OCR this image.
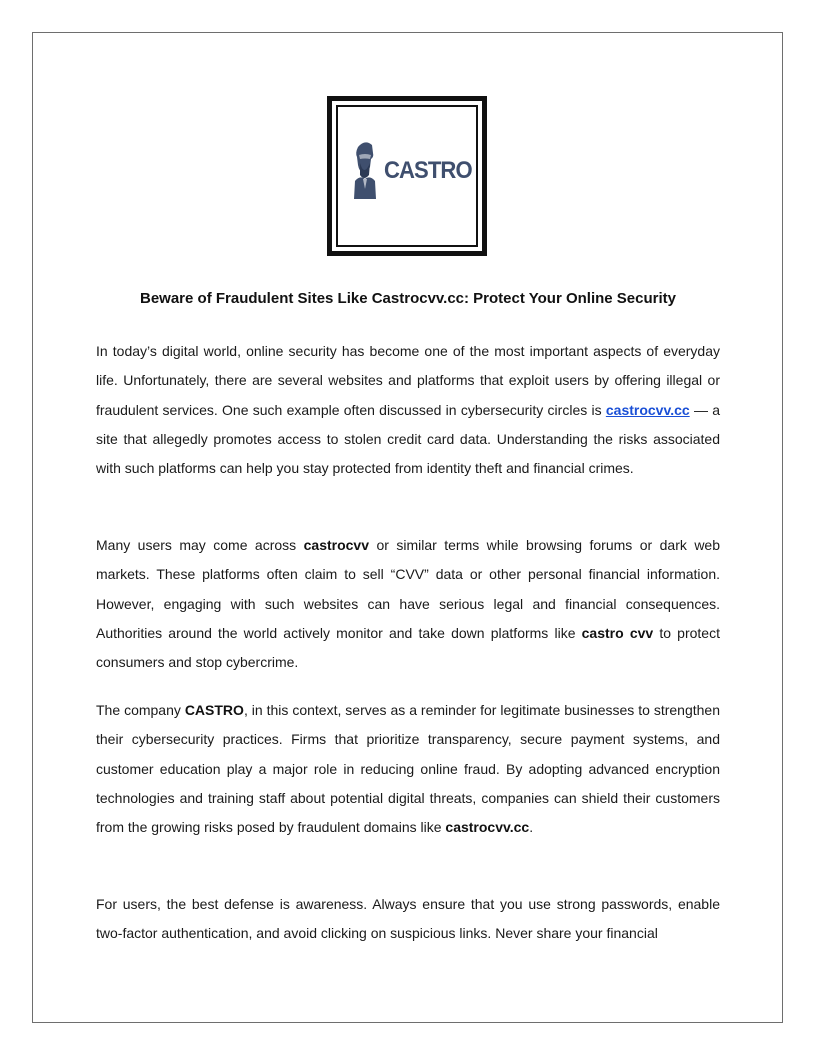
CASTRO
Beware of Fraudulent Sites Like Castrocvv.cc: Protect Your Online Security

In today’s digital world, online security has become one of the most important aspects of everyday life. Unfortunately, there are several websites and platforms that exploit users by offering illegal or fraudulent services. One such example often discussed in cybersecurity circles is castrocvv.cc — a site that allegedly promotes access to stolen credit card data. Understanding the risks associated with such platforms can help you stay protected from identity theft and financial crimes.

Many users may come across castrocvv or similar terms while browsing forums or dark web markets. These platforms often claim to sell “CVV” data or other personal financial information. However, engaging with such websites can have serious legal and financial consequences. Authorities around the world actively monitor and take down platforms like castro cvv to protect consumers and stop cybercrime.

The company CASTRO, in this context, serves as a reminder for legitimate businesses to strengthen their cybersecurity practices. Firms that prioritize transparency, secure payment systems, and customer education play a major role in reducing online fraud. By adopting advanced encryption technologies and training staff about potential digital threats, companies can shield their customers from the growing risks posed by fraudulent domains like castrocvv.cc.

For users, the best defense is awareness. Always ensure that you use strong passwords, enable two-factor authentication, and avoid clicking on suspicious links. Never share your financial
